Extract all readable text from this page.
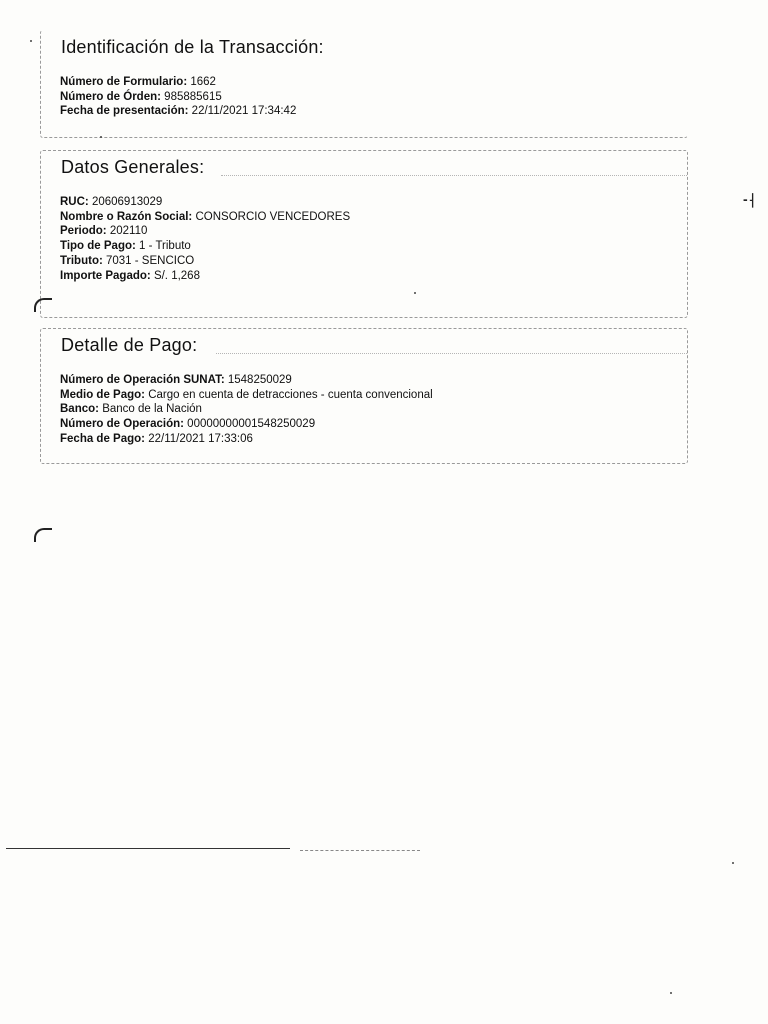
Identificación de la Transacción:
Número de Formulario: 1662
Número de Órden: 985885615
Fecha de presentación: 22/11/2021 17:34:42
Datos Generales:
RUC: 20606913029
Nombre o Razón Social: CONSORCIO VENCEDORES
Periodo: 202110
Tipo de Pago: 1 - Tributo
Tributo: 7031 - SENCICO
Importe Pagado: S/. 1,268
Detalle de Pago:
Número de Operación SUNAT: 1548250029
Medio de Pago: Cargo en cuenta de detracciones - cuenta convencional
Banco: Banco de la Nación
Número de Operación: 00000000001548250029
Fecha de Pago: 22/11/2021 17:33:06
-⸡
